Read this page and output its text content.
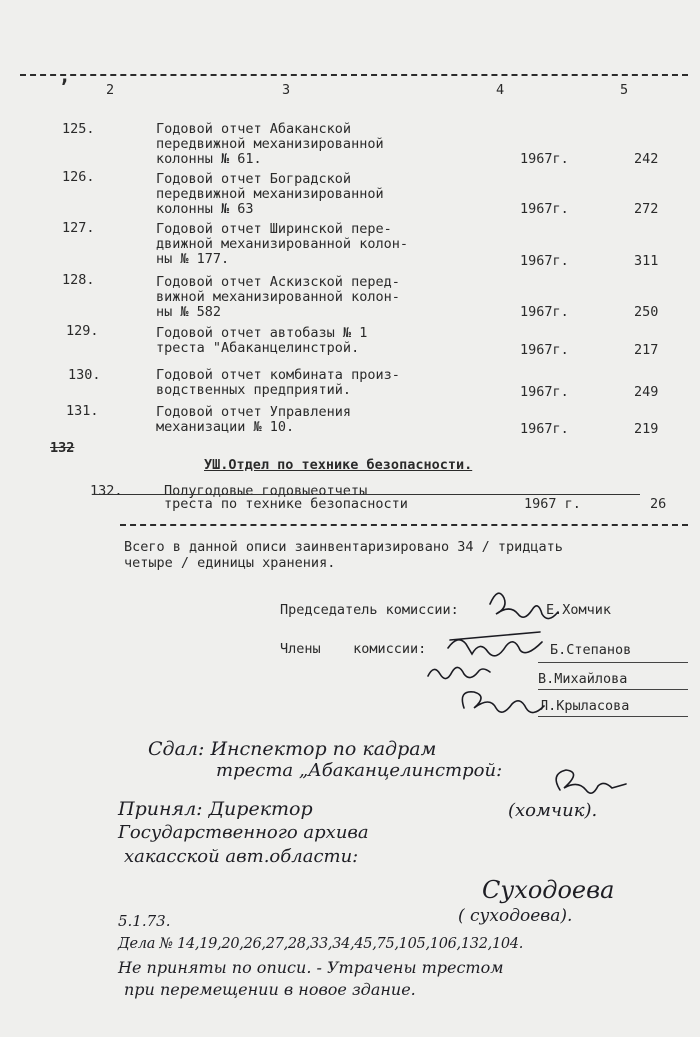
ʼ	2	3	4	5
125.	Годовой отчет Абаканской
передвижной механизированной
колонны № 61.	1967г.	242
126.	Годовой отчет Боградской
передвижной механизированной
колонны № 63	1967г.	272
127.	Годовой отчет Ширинской пере-
движной механизированной колон-
ны № 177.	1967г.	311
128.	Годовой отчет Аскизской перед-
вижной механизированной колон-
ны № 582	1967г.	250
129.	Годовой отчет автобазы № 1
треста "Абаканцелинстрой.	1967г.	217
130.	Годовой отчет комбината произ-
водственных предприятий.	1967г.	249
131.	Годовой отчет Управления
механизации № 10.	1967г.	219
132
УШ.Отдел по технике безопасности.
132.	Полугодовые годовыеотчеты
треста по технике безопасности	1967 г.	26
Всего в данной описи заинвентаризировано 34 / тридцать
четыре / единицы хранения.
Председатель комиссии:	Е.Хомчик
Члены    комиссии:	Б.Степанов
В.Михайлова
Л.Крыласова
Сдал: Инспектор по кадрам
треста „Абаканцелинстрой:
(хомчик).
Принял: Директор
Государственного архива
хакасской авт.области:
Суходоева
( суходоева).
5.1.73.
Дела № 14,19,20,26,27,28,33,34,45,75,105,106,132,104.
Не приняты по описи. - Утрачены трестом
при перемещении в новое здание.
